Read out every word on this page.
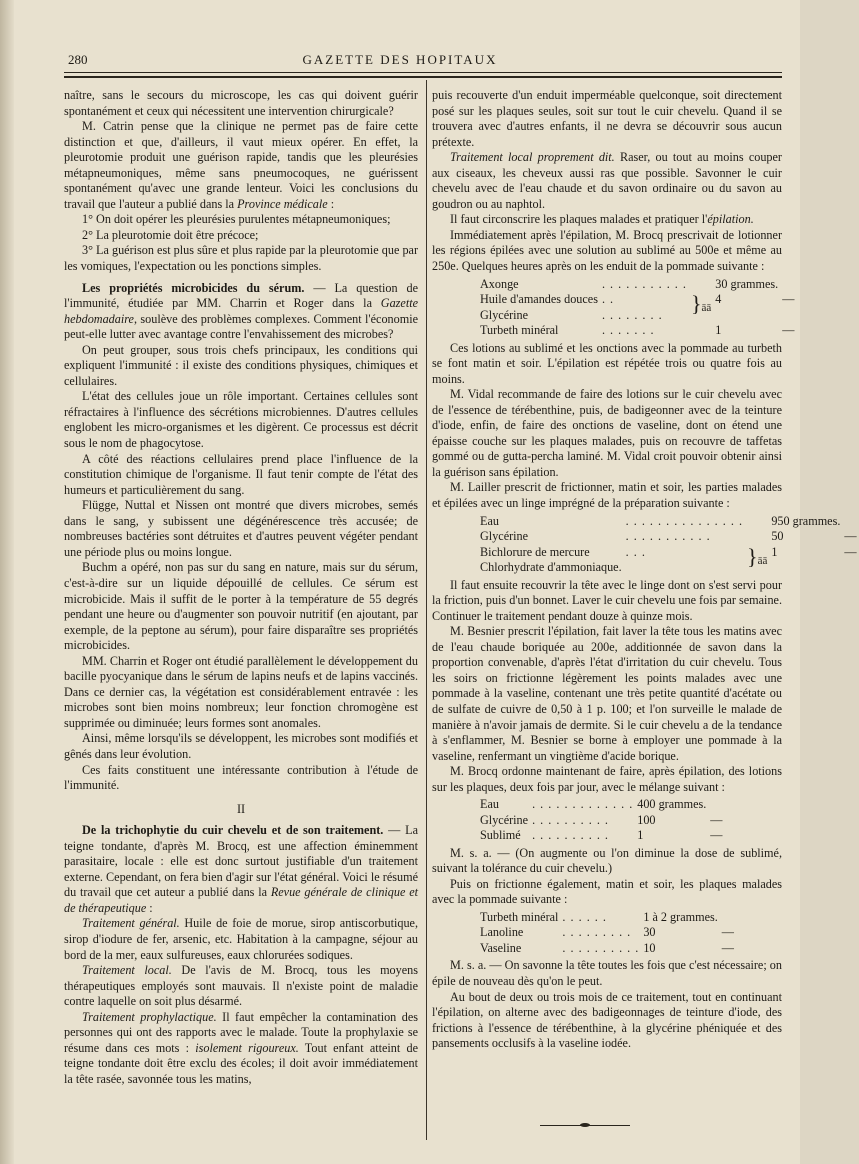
280	GAZETTE DES HOPITAUX

naître, sans le secours du microscope, les cas qui doivent guérir spontanément et ceux qui nécessitent une intervention chirurgicale?

M. Catrin pense que la clinique ne permet pas de faire cette distinction et que, d'ailleurs, il vaut mieux opérer. En effet, la pleurotomie produit une guérison rapide, tandis que les pleurésies métapneumoniques, même sans pneumocoques, ne guérissent spontanément qu'avec une grande lenteur. Voici les conclusions du travail que l'auteur a publié dans la Province médicale :

1° On doit opérer les pleurésies purulentes métapneumoniques;

2° La pleurotomie doit être précoce;

3° La guérison est plus sûre et plus rapide par la pleurotomie que par les vomiques, l'expectation ou les ponctions simples.

Les propriétés microbicides du sérum. — La question de l'immunité, étudiée par MM. Charrin et Roger dans la Gazette hebdomadaire, soulève des problèmes complexes. Comment l'économie peut-elle lutter avec avantage contre l'envahissement des microbes?

On peut grouper, sous trois chefs principaux, les conditions qui expliquent l'immunité : il existe des conditions physiques, chimiques et cellulaires.

L'état des cellules joue un rôle important. Certaines cellules sont réfractaires à l'influence des sécrétions microbiennes. D'autres cellules englobent les micro-organismes et les digèrent. Ce processus est décrit sous le nom de phagocytose.

A côté des réactions cellulaires prend place l'influence de la constitution chimique de l'organisme. Il faut tenir compte de l'état des humeurs et particulièrement du sang.

Flügge, Nuttal et Nissen ont montré que divers microbes, semés dans le sang, y subissent une dégénérescence très accusée; de nombreuses bactéries sont détruites et d'autres peuvent végéter pendant une période plus ou moins longue.

Buchm a opéré, non pas sur du sang en nature, mais sur du sérum, c'est-à-dire sur un liquide dépouillé de cellules. Ce sérum est microbicide. Mais il suffit de le porter à la température de 55 degrés pendant une heure ou d'augmenter son pouvoir nutritif (en ajoutant, par exemple, de la peptone au sérum), pour faire disparaître ses propriétés microbicides.

MM. Charrin et Roger ont étudié parallèlement le développement du bacille pyocyanique dans le sérum de lapins neufs et de lapins vaccinés. Dans ce dernier cas, la végétation est considérablement entravée : les microbes sont bien moins nombreux; leur fonction chromogène est supprimée ou diminuée; leurs formes sont anomales.

Ainsi, même lorsqu'ils se développent, les microbes sont modifiés et gênés dans leur évolution.

Ces faits constituent une intéressante contribution à l'étude de l'immunité.

II

De la trichophytie du cuir chevelu et de son traitement. — La teigne tondante, d'après M. Brocq, est une affection éminemment parasitaire, locale : elle est donc surtout justifiable d'un traitement externe. Cependant, on fera bien d'agir sur l'état général. Voici le résumé du travail que cet auteur a publié dans la Revue générale de clinique et de thérapeutique :

Traitement général. Huile de foie de morue, sirop antiscorbutique, sirop d'iodure de fer, arsenic, etc. Habitation à la campagne, séjour au bord de la mer, eaux sulfureuses, eaux chlorurées sodiques.

Traitement local. De l'avis de M. Brocq, tous les moyens thérapeutiques employés sont mauvais. Il n'existe point de maladie contre laquelle on soit plus désarmé.

Traitement prophylactique. Il faut empêcher la contamination des personnes qui ont des rapports avec le malade. Toute la prophylaxie se résume dans ces mots : isolement rigoureux. Tout enfant atteint de teigne tondante doit être exclu des écoles; il doit avoir immédiatement la tête rasée, savonnée tous les matins,

puis recouverte d'un enduit imperméable quelconque, soit directement posé sur les plaques seules, soit sur tout le cuir chevelu. Quand il se trouvera avec d'autres enfants, il ne devra se découvrir sous aucun prétexte.

Traitement local proprement dit. Raser, ou tout au moins couper aux ciseaux, les cheveux aussi ras que possible. Savonner le cuir chevelu avec de l'eau chaude et du savon ordinaire ou du savon au goudron ou au naphtol.

Il faut circonscrire les plaques malades et pratiquer l'épilation.

Immédiatement après l'épilation, M. Brocq prescrivait de lotionner les régions épilées avec une solution au sublimé au 500e et même au 250e. Quelques heures après on les enduit de la pommade suivante :

Axonge	. . . . . . . . . . .		30 grammes.	
Huile d'amandes douces	. .	}āā	4	—
Glycérine	. . . . . . . .			
Turbeth minéral	. . . . . . .		1	—

Ces lotions au sublimé et les onctions avec la pommade au turbeth se font matin et soir. L'épilation est répétée trois ou quatre fois au moins.

M. Vidal recommande de faire des lotions sur le cuir chevelu avec de l'essence de térébenthine, puis, de badigeonner avec de la teinture d'iode, enfin, de faire des onctions de vaseline, dont on étend une épaisse couche sur les plaques malades, puis on recouvre de taffetas gommé ou de gutta-percha laminé. M. Vidal croit pouvoir obtenir ainsi la guérison sans épilation.

M. Lailler prescrit de frictionner, matin et soir, les parties malades et épilées avec un linge imprégné de la préparation suivante :

Eau	. . . . . . . . . . . . . . .		950 grammes.	
Glycérine	. . . . . . . . . . .		50	—
Bichlorure de mercure	. . .	}āā	1	—
Chlorhydrate d'ammoniaque.				

Il faut ensuite recouvrir la tête avec le linge dont on s'est servi pour la friction, puis d'un bonnet. Laver le cuir chevelu une fois par semaine. Continuer le traitement pendant douze à quinze mois.

M. Besnier prescrit l'épilation, fait laver la tête tous les matins avec de l'eau chaude boriquée au 200e, additionnée de savon dans la proportion convenable, d'après l'état d'irritation du cuir chevelu. Tous les soirs on frictionne légèrement les points malades avec une pommade à la vaseline, contenant une très petite quantité d'acétate ou de sulfate de cuivre de 0,50 à 1 p. 100; et l'on surveille le malade de manière à n'avoir jamais de dermite. Si le cuir chevelu a de la tendance à s'enflammer, M. Besnier se borne à employer une pommade à la vaseline, renfermant un vingtième d'acide borique.

M. Brocq ordonne maintenant de faire, après épilation, des lotions sur les plaques, deux fois par jour, avec le mélange suivant :

Eau	. . . . . . . . . . . . .	400 grammes.	
Glycérine	. . . . . . . . . .	100	—
Sublimé	. . . . . . . . . .	1	—

M. s. a. — (On augmente ou l'on diminue la dose de sublimé, suivant la tolérance du cuir chevelu.)

Puis on frictionne également, matin et soir, les plaques malades avec la pommade suivante :

Turbeth minéral	. . . . . .	1 à 2 grammes.	
Lanoline	. . . . . . . . .	30	—
Vaseline	. . . . . . . . . .	10	—

M. s. a. — On savonne la tête toutes les fois que c'est nécessaire; on épile de nouveau dès qu'on le peut.

Au bout de deux ou trois mois de ce traitement, tout en continuant l'épilation, on alterne avec des badigeonnages de teinture d'iode, des frictions à l'essence de térébenthine, à la glycérine phéniquée et des pansements occlusifs à la vaseline iodée.
